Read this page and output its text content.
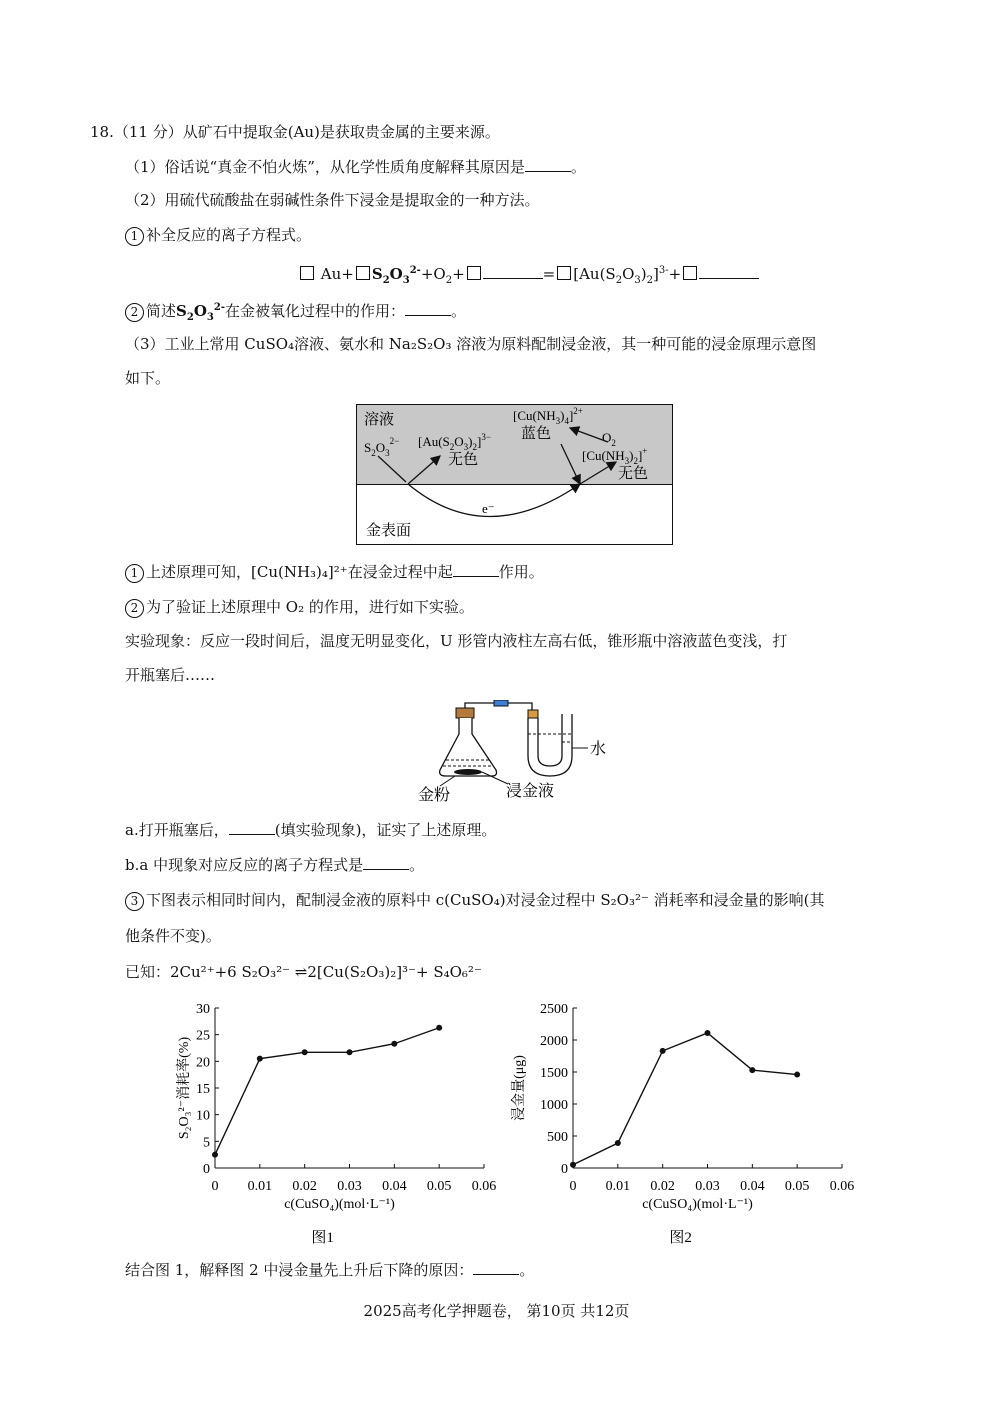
18.（11 分）从矿石中提取金(Au)是获取贵金属的主要来源。
（1）俗话说“真金不怕火炼”，从化学性质角度解释其原因是	。
（2）用硫代硫酸盐在弱碱性条件下浸金是提取金的一种方法。
1 补全反应的离子方程式。
$Au+ S_2O_3^{2-}+O_2+$	= $[Au(S_2O_3)_2]^{3-}+$
2 简述$S_2O_3^{2-}$在金被氧化过程中的作用：	。
（3）工业上常用 CuSO₄溶液、氨水和 Na₂S₂O₃ 溶液为原料配制浸金液，其一种可能的浸金原理示意图
如下。
溶液
$S_2O_3^{2-}$ $[Au(S_2O_3)_2]^{3-}$
无色
$[Cu(NH_3)_4]^{2+}$
蓝色	$O_2$
$[Cu(NH_3)_2]^+$
无色
e⁻
金表面
1 上述原理可知，[Cu(NH₃)₄]²⁺在浸金过程中起	作用。
2 为了验证上述原理中 O₂ 的作用，进行如下实验。
实验现象：反应一段时间后，温度无明显变化，U 形管内液柱左高右低，锥形瓶中溶液蓝色变浅，打
开瓶塞后……
水
金粉	浸金液
a.打开瓶塞后，	(填实验现象)，证实了上述原理。
b.a 中现象对应反应的离子方程式是	。
3 下图表示相同时间内，配制浸金液的原料中 c(CuSO₄)对浸金过程中 S₂O₃²⁻ 消耗率和浸金量的影响(其
他条件不变)。
已知：2Cu²⁺+6 S₂O₃²⁻ ⇌2[Cu(S₂O₃)₂]³⁻+ S₄O₆²⁻
0
5
10
15
20
25
30
0 0.01 0.02 0.03 0.04 0.05 0.06
c(CuSO₄)(mol·L⁻¹)
S₂O₃²⁻消耗率(%)
图1
0
500
1000
1500
2000
2500
0 0.01 0.02 0.03 0.04 0.05 0.06
c(CuSO₄)(mol·L⁻¹)
浸金量(μg)
图2
结合图 1，解释图 2 中浸金量先上升后下降的原因：	。
2025高考化学押题卷， 第10页 共12页
